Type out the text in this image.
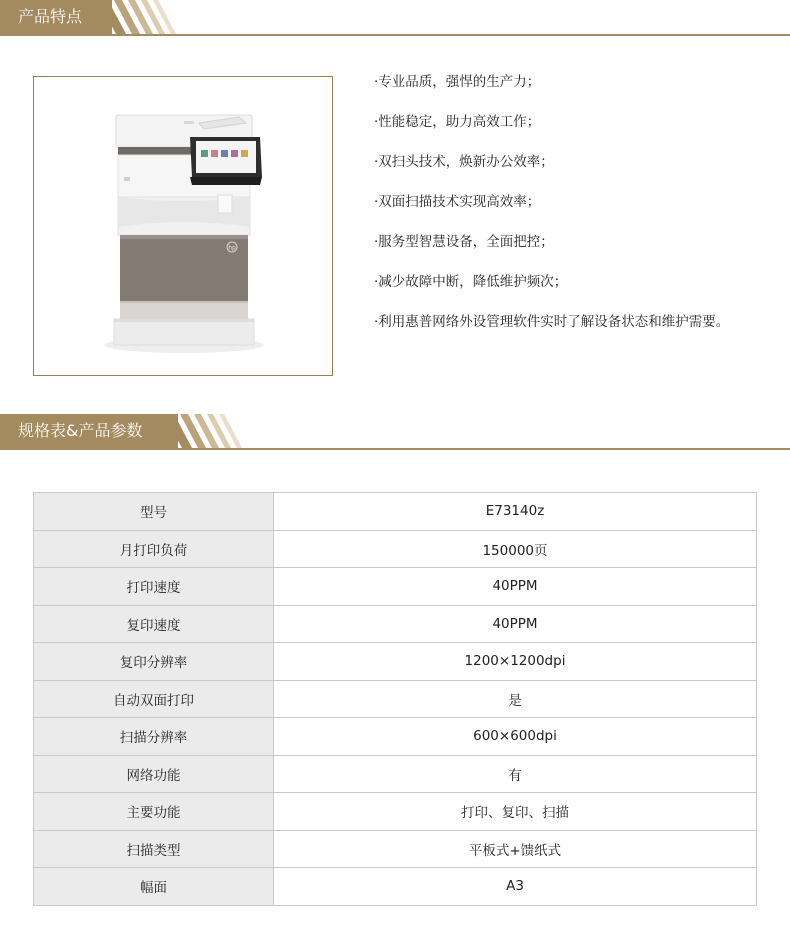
产品特点
hp
·专业品质，强悍的生产力；
·性能稳定，助力高效工作；
·双扫头技术，焕新办公效率；
·双面扫描技术实现高效率；
·服务型智慧设备，全面把控；
·减少故障中断，降低维护频次；
·利用惠普网络外设管理软件实时了解设备状态和维护需要。
规格表&产品参数
型号	E73140z
月打印负荷	150000页
打印速度	40PPM
复印速度	40PPM
复印分辨率	1200×1200dpi
自动双面打印	是
扫描分辨率	600×600dpi
网络功能	有
主要功能	打印、复印、扫描
扫描类型	平板式+馈纸式
幅面	A3
